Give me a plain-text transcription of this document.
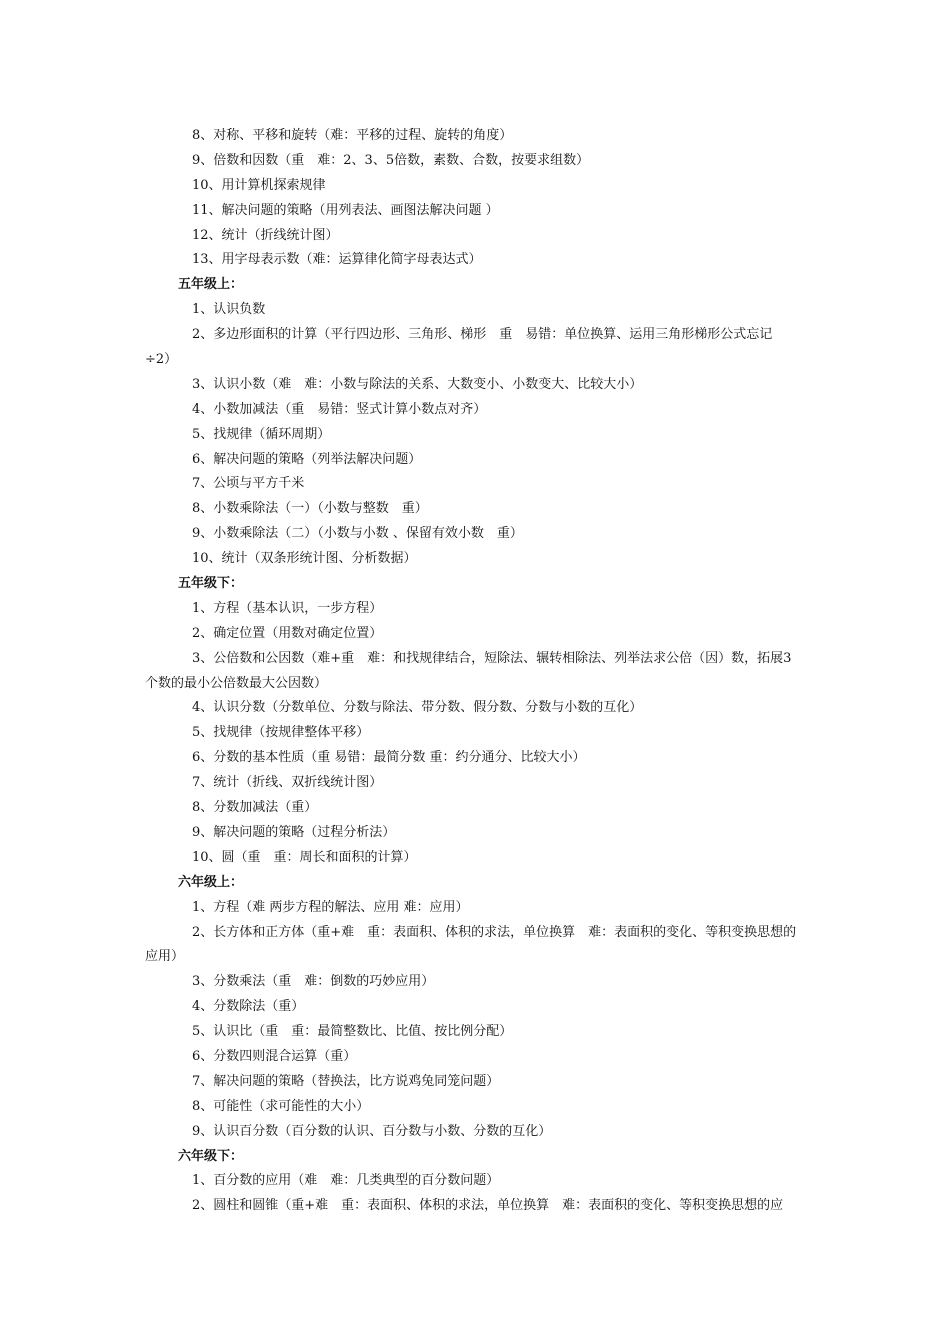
8、对称、平移和旋转（难：平移的过程、旋转的角度）
9、倍数和因数（重　难：2、3、5倍数，素数、合数，按要求组数）
10、用计算机探索规律
11、解决问题的策略（用列表法、画图法解决问题 ）
12、统计（折线统计图）
13、用字母表示数（难：运算律化简字母表达式）
五年级上：
1、认识负数
2、多边形面积的计算（平行四边形、三角形、梯形　重　易错：单位换算、运用三角形梯形公式忘记
÷2）
3、认识小数（难　难：小数与除法的关系、大数变小、小数变大、比较大小）
4、小数加减法（重　易错：竖式计算小数点对齐）
5、找规律（循环周期）
6、解决问题的策略（列举法解决问题）
7、公顷与平方千米
8、小数乘除法（一）（小数与整数　重）
9、小数乘除法（二）（小数与小数 、保留有效小数　重）
10、统计（双条形统计图、分析数据）
五年级下：
1、方程（基本认识，一步方程）
2、确定位置（用数对确定位置）
3、公倍数和公因数（难+重　难：和找规律结合，短除法、辗转相除法、列举法求公倍（因）数，拓展3
个数的最小公倍数最大公因数）
4、认识分数（分数单位、分数与除法、带分数、假分数、分数与小数的互化）
5、找规律（按规律整体平移）
6、分数的基本性质（重 易错：最简分数 重：约分通分、比较大小）
7、统计（折线、双折线统计图）
8、分数加减法（重）
9、解决问题的策略（过程分析法）
10、圆（重　重：周长和面积的计算）
六年级上：
1、方程（难 两步方程的解法、应用 难：应用）
2、长方体和正方体（重+难　重：表面积、体积的求法，单位换算　难：表面积的变化、等积变换思想的
应用）
3、分数乘法（重　难：倒数的巧妙应用）
4、分数除法（重）
5、认识比（重　重：最简整数比、比值、按比例分配）
6、分数四则混合运算（重）
7、解决问题的策略（替换法，比方说鸡兔同笼问题）
8、可能性（求可能性的大小）
9、认识百分数（百分数的认识、百分数与小数、分数的互化）
六年级下：
1、百分数的应用（难　难：几类典型的百分数问题）
2、圆柱和圆锥（重+难　重：表面积、体积的求法，单位换算　难：表面积的变化、等积变换思想的应
